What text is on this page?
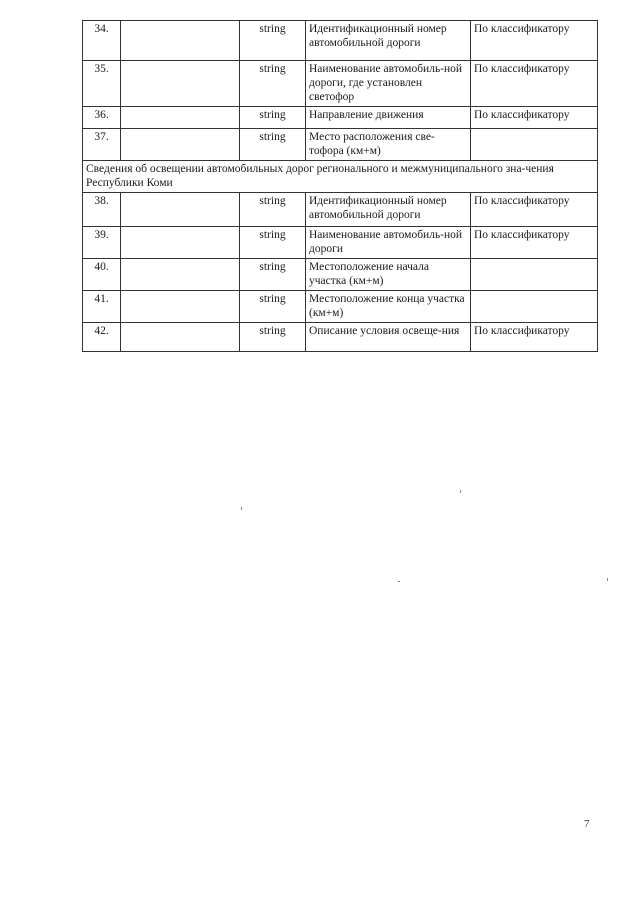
34.		string	Идентификационный номер автомобильной дороги	По классификатору
35.		string	Наименование автомобиль-ной дороги, где установлен светофор	По классификатору
36.		string	Направление движения	По классификатору
37.		string	Место расположения све-тофора (км+м)	
Сведения об освещении автомобильных дорог регионального и межмуниципального зна-чения Республики Коми				
38.		string	Идентификационный номер автомобильной дороги	По классификатору
39.		string	Наименование автомобиль-ной дороги	По классификатору
40.		string	Местоположение начала участка (км+м)	
41.		string	Местоположение конца участка (км+м)	
42.		string	Описание условия освеще-ния	По классификатору
7
